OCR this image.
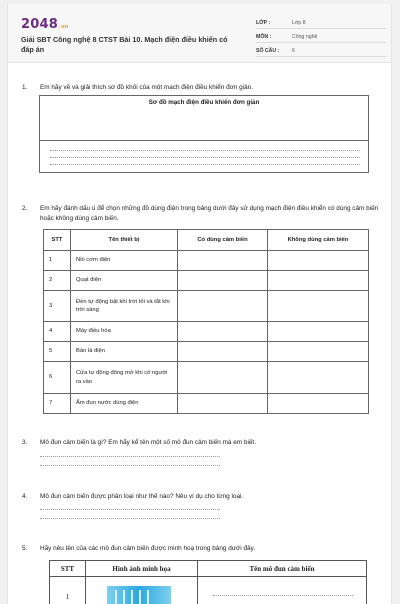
2048.vn
Giải SBT Công nghệ 8 CTST Bài 10. Mạch điện điều khiển có đáp án
LỚP :	Lớp 8
MÔN :	Công nghệ
SỐ CÂU : 6
1.	Em hãy vẽ và giải thích sơ đồ khối của một mạch điện điều khiển đơn giản.
Sơ đồ mạch điện điều khiển đơn giản
2.	Em hãy đánh dấu ü để chọn những đồ dùng điện trong bảng dưới đây sử dụng mạch điện điều khiển có dùng cảm biến hoặc không dùng cảm biến.
STT	Tên thiết bị	Có dùng cảm biến	Không dùng cảm biến
1	Nồi cơm điện		
2	Quạt điện		
3	Đèn tự động bật khi trời tối và tắt khi trời sáng		
4	Máy điều hòa		
5	Bàn là điện		
6	Cửa tự động đóng mở khi có người ra vào		
7	Ấm đun nước dùng điện		
3.	Mô đun cảm biến là gì? Em hãy kể tên một số mô đun cảm biến mà em biết.
4.	Mô đun cảm biến được phân loại như thế nào? Nêu ví dụ cho từng loại.
5.	Hãy nêu tên của các mô đun cảm biến được minh hoạ trong bảng dưới đây.
STT	Hình ảnh minh họa	Tên mô đun cảm biến
1		
